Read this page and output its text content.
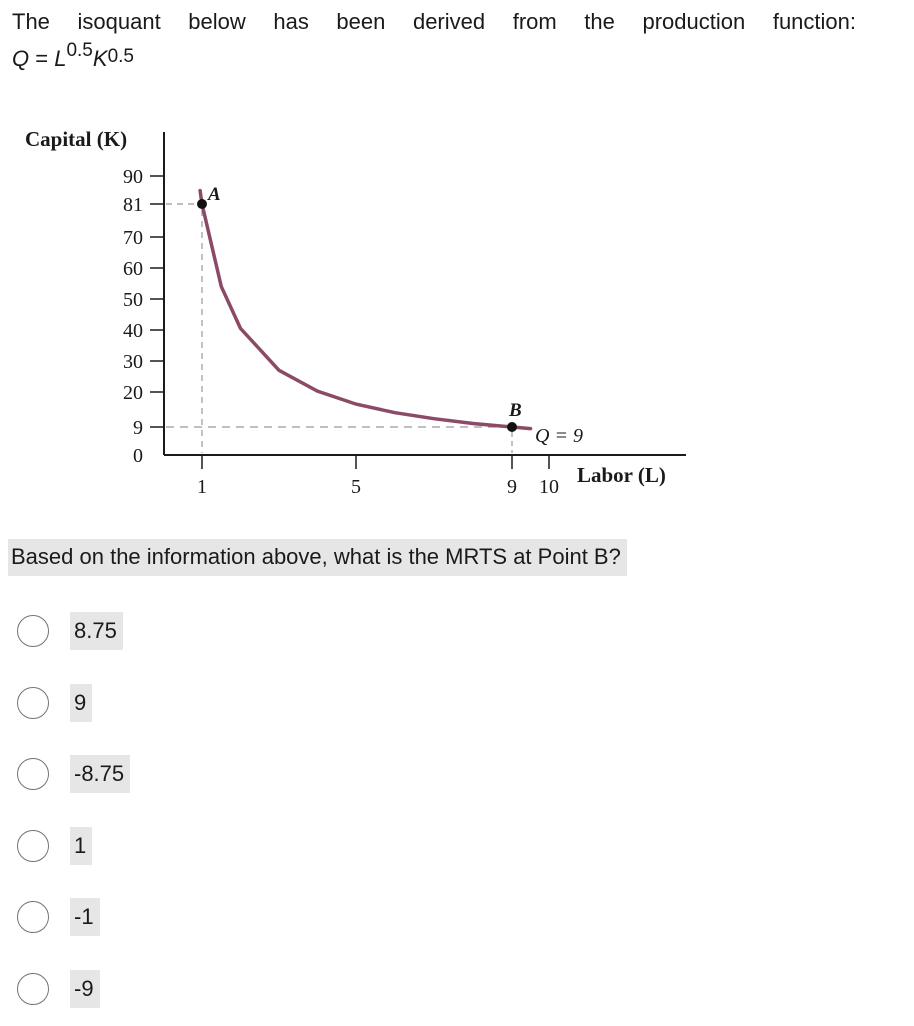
The isoquant below has been derived from the production function:
$Q = L^{0.5}K^{0.5}$
Capital (K)
90
81
70
60
50
40
30
20
9
0
1	5	9 10 Labor (L)
A
B
Q = 9
Based on the information above, what is the MRTS at Point B?
8.75
9
-8.75
1
-1
-9
